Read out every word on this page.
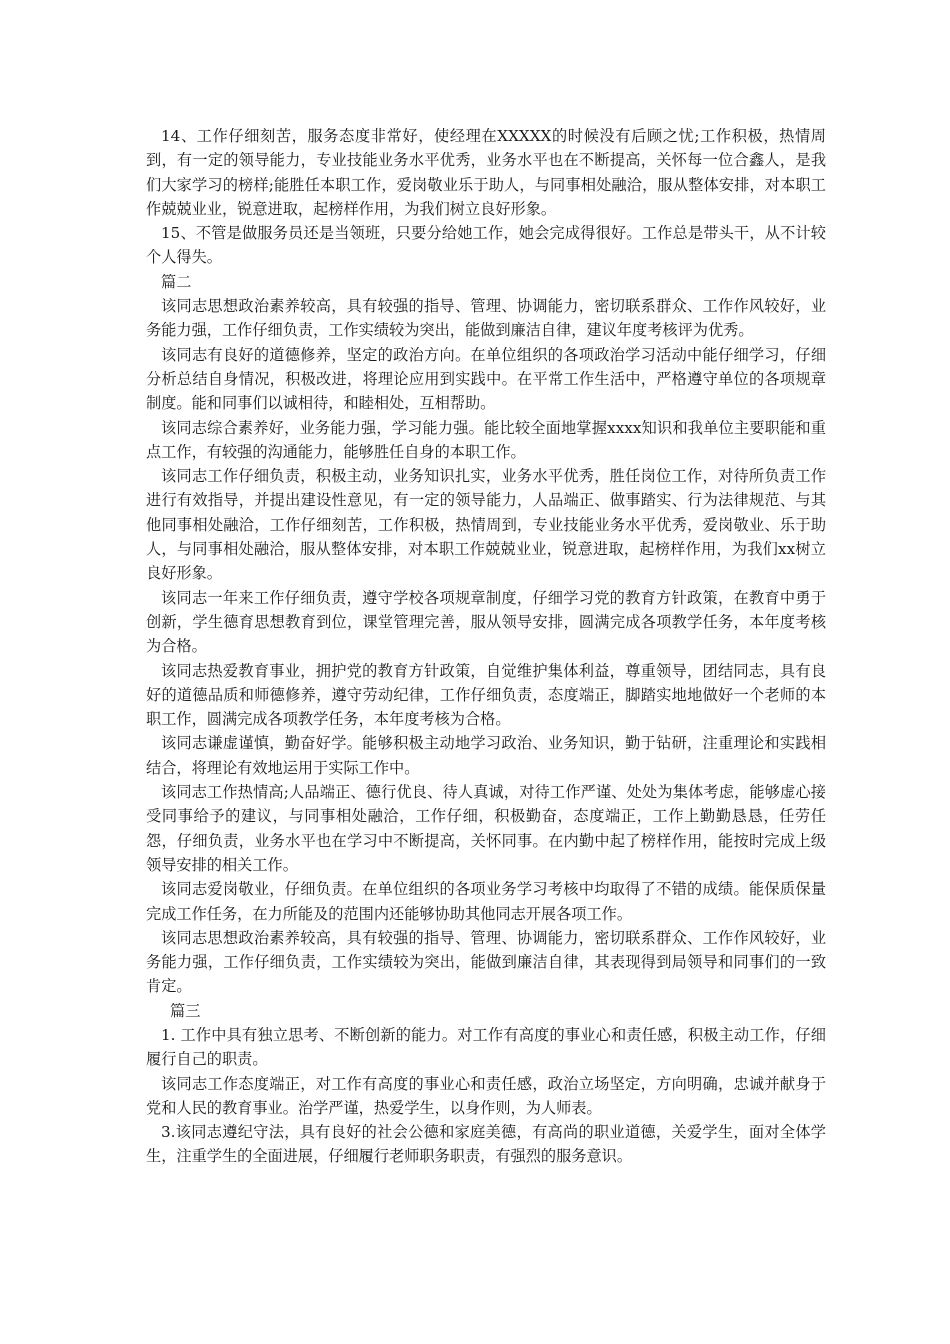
14、工作仔细刻苦，服务态度非常好，使经理在XXXXX的时候没有后顾之忧;工作积极，热情周到，有一定的领导能力，专业技能业务水平优秀，业务水平也在不断提高，关怀每一位合鑫人，是我们大家学习的榜样;能胜任本职工作，爱岗敬业乐于助人，与同事相处融洽，服从整体安排，对本职工作兢兢业业，锐意进取，起榜样作用，为我们树立良好形象。

15、不管是做服务员还是当领班，只要分给她工作，她会完成得很好。工作总是带头干，从不计较个人得失。

篇二

该同志思想政治素养较高，具有较强的指导、管理、协调能力，密切联系群众、工作作风较好，业务能力强，工作仔细负责，工作实绩较为突出，能做到廉洁自律，建议年度考核评为优秀。

该同志有良好的道德修养，坚定的政治方向。在单位组织的各项政治学习活动中能仔细学习，仔细分析总结自身情况，积极改进，将理论应用到实践中。在平常工作生活中，严格遵守单位的各项规章制度。能和同事们以诚相待，和睦相处，互相帮助。

该同志综合素养好，业务能力强，学习能力强。能比较全面地掌握xxxx知识和我单位主要职能和重点工作，有较强的沟通能力，能够胜任自身的本职工作。

该同志工作仔细负责，积极主动，业务知识扎实，业务水平优秀，胜任岗位工作，对待所负责工作进行有效指导，并提出建设性意见，有一定的领导能力，人品端正、做事踏实、行为法律规范、与其他同事相处融洽，工作仔细刻苦，工作积极，热情周到，专业技能业务水平优秀，爱岗敬业、乐于助人，与同事相处融洽，服从整体安排，对本职工作兢兢业业，锐意进取，起榜样作用，为我们xx树立良好形象。

该同志一年来工作仔细负责，遵守学校各项规章制度，仔细学习党的教育方针政策，在教育中勇于创新，学生德育思想教育到位，课堂管理完善，服从领导安排，圆满完成各项教学任务，本年度考核为合格。

该同志热爱教育事业，拥护党的教育方针政策，自觉维护集体利益，尊重领导，团结同志，具有良好的道德品质和师德修养，遵守劳动纪律，工作仔细负责，态度端正，脚踏实地地做好一个老师的本职工作，圆满完成各项教学任务，本年度考核为合格。

该同志谦虚谨慎，勤奋好学。能够积极主动地学习政治、业务知识，勤于钻研，注重理论和实践相结合，将理论有效地运用于实际工作中。

该同志工作热情高;人品端正、德行优良、待人真诚，对待工作严谨、处处为集体考虑，能够虚心接受同事给予的建议，与同事相处融洽，工作仔细，积极勤奋，态度端正，工作上勤勤恳恳，任劳任怨，仔细负责，业务水平也在学习中不断提高，关怀同事。在内勤中起了榜样作用，能按时完成上级领导安排的相关工作。

该同志爱岗敬业，仔细负责。在单位组织的各项业务学习考核中均取得了不错的成绩。能保质保量完成工作任务，在力所能及的范围内还能够协助其他同志开展各项工作。

该同志思想政治素养较高，具有较强的指导、管理、协调能力，密切联系群众、工作作风较好，业务能力强，工作仔细负责，工作实绩较为突出，能做到廉洁自律，其表现得到局领导和同事们的一致肯定。

篇三

1. 工作中具有独立思考、不断创新的能力。对工作有高度的事业心和责任感，积极主动工作，仔细履行自己的职责。

该同志工作态度端正，对工作有高度的事业心和责任感，政治立场坚定，方向明确，忠诚并献身于党和人民的教育事业。治学严谨，热爱学生，以身作则，为人师表。

3.该同志遵纪守法，具有良好的社会公德和家庭美德，有高尚的职业道德，关爱学生，面对全体学生，注重学生的全面进展，仔细履行老师职务职责，有强烈的服务意识。
